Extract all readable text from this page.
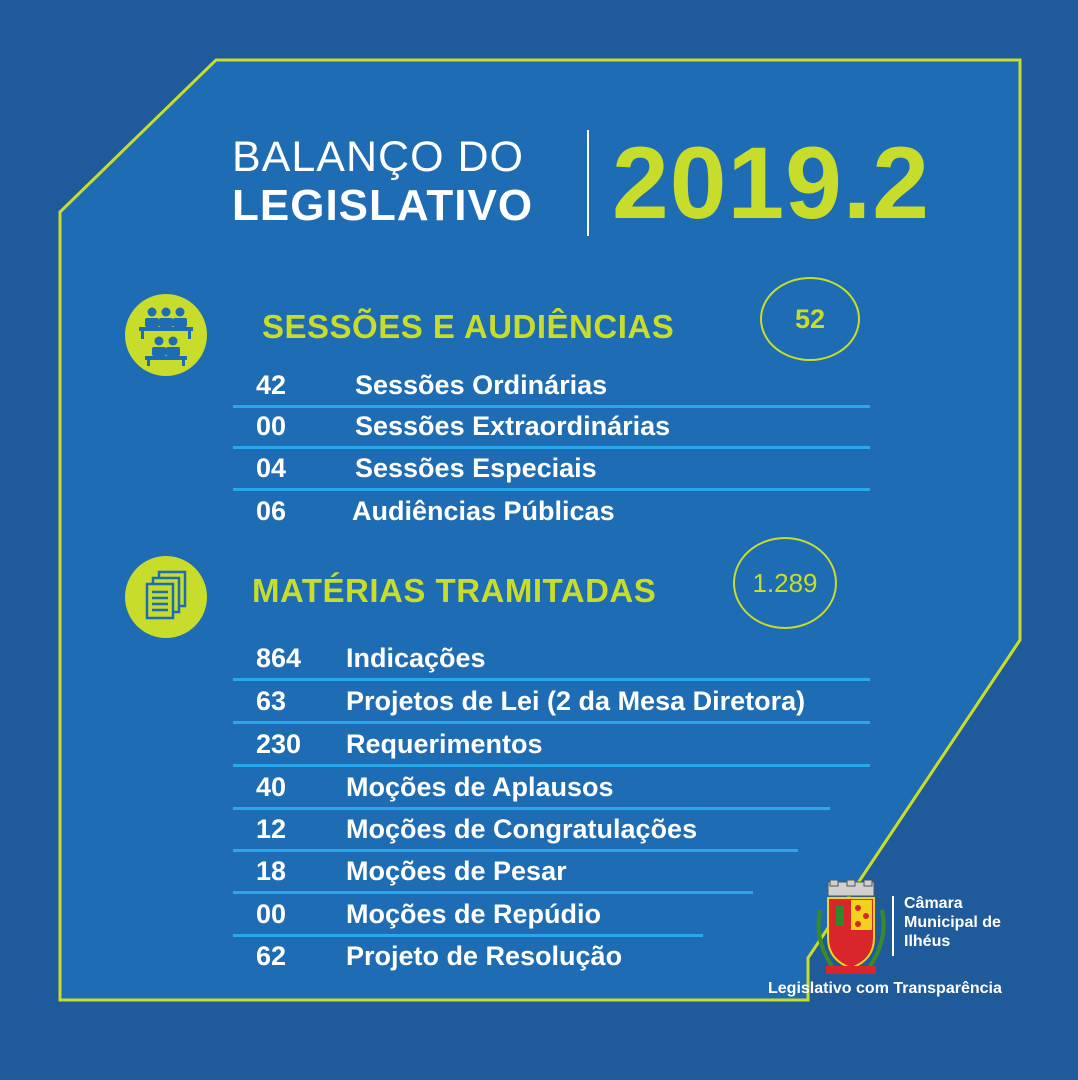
BALANÇO DO
LEGISLATIVO 2019.2
SESSÕES E AUDIÊNCIAS	52
42	Sessões Ordinárias
00	Sessões Extraordinárias
04	Sessões Especiais
06 Audiências Públicas
MATÉRIAS TRAMITADAS	1.289
864 Indicações
63 Projetos de Lei (2 da Mesa Diretora)
230 Requerimentos
40 Moções de Aplausos
12 Moções de Congratulações
18 Moções de Pesar
00 Moções de Repúdio
62 Projeto de Resolução
Câmara
Municipal de
Ilhéus
Legislativo com Transparência
